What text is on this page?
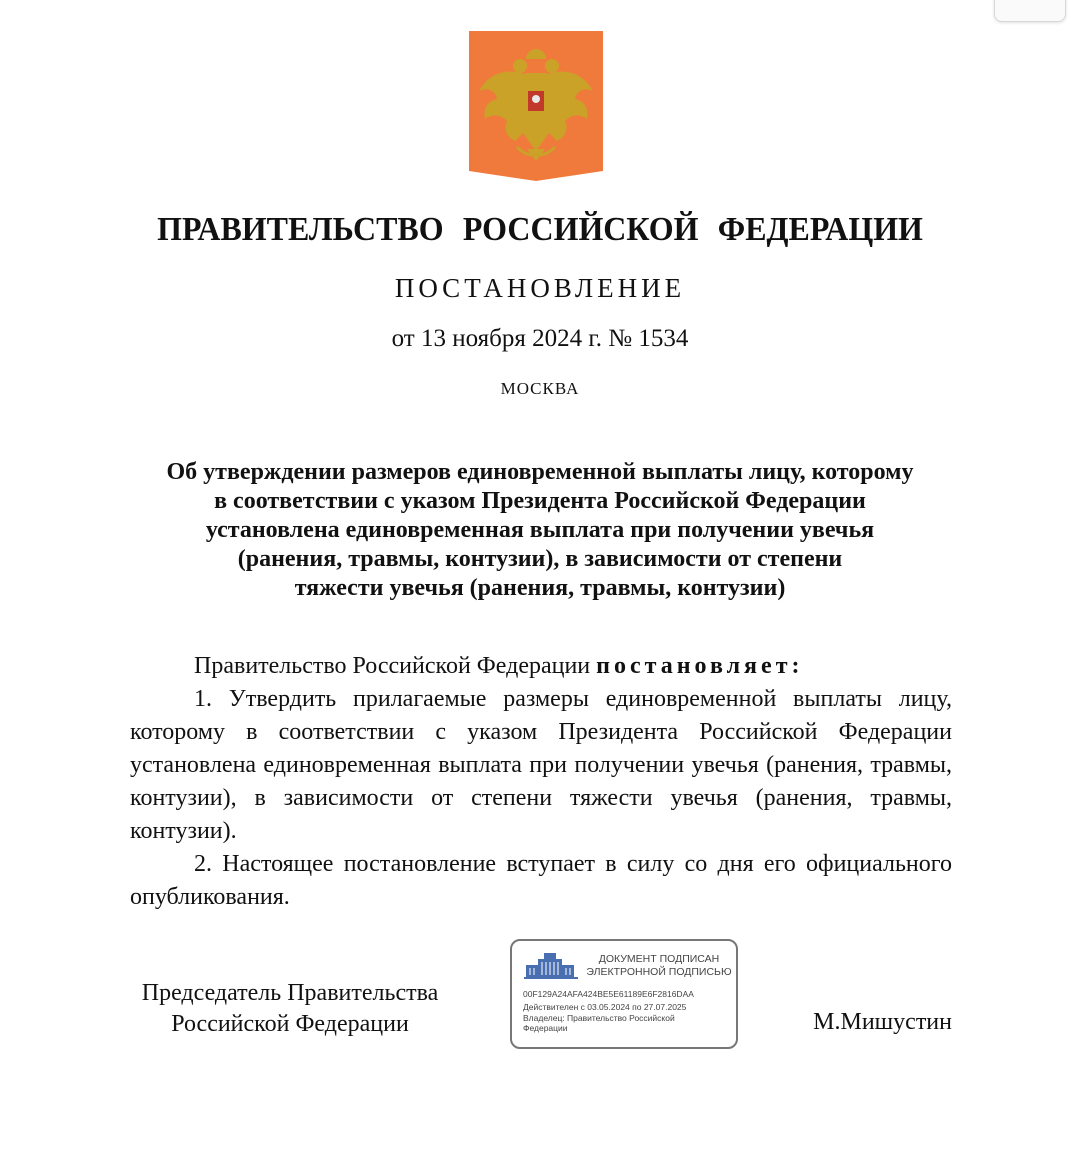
ПРАВИТЕЛЬСТВО РОССИЙСКОЙ ФЕДЕРАЦИИ
ПОСТАНОВЛЕНИЕ
от 13 ноября 2024 г. № 1534
МОСКВА
Об утверждении размеров единовременной выплаты лицу, которому
в соответствии с указом Президента Российской Федерации
установлена единовременная выплата при получении увечья
(ранения, травмы, контузии), в зависимости от степени
тяжести увечья (ранения, травмы, контузии)

Правительство Российской Федерации постановляет:

1. Утвердить прилагаемые размеры единовременной выплаты лицу, которому в соответствии с указом Президента Российской Федерации установлена единовременная выплата при получении увечья (ранения, травмы, контузии), в зависимости от степени тяжести увечья (ранения, травмы, контузии).

2. Настоящее постановление вступает в силу со дня его официального опубликования.

Председатель Правительства
Российской Федерации
ДОКУМЕНТ ПОДПИСАН
ЭЛЕКТРОННОЙ ПОДПИСЬЮ
00F129A24AFA424BE5E61189E6F2816DAA
Действителен с 03.05.2024 по 27.07.2025
Владелец: Правительство Российской
Федерации	М.Мишустин
